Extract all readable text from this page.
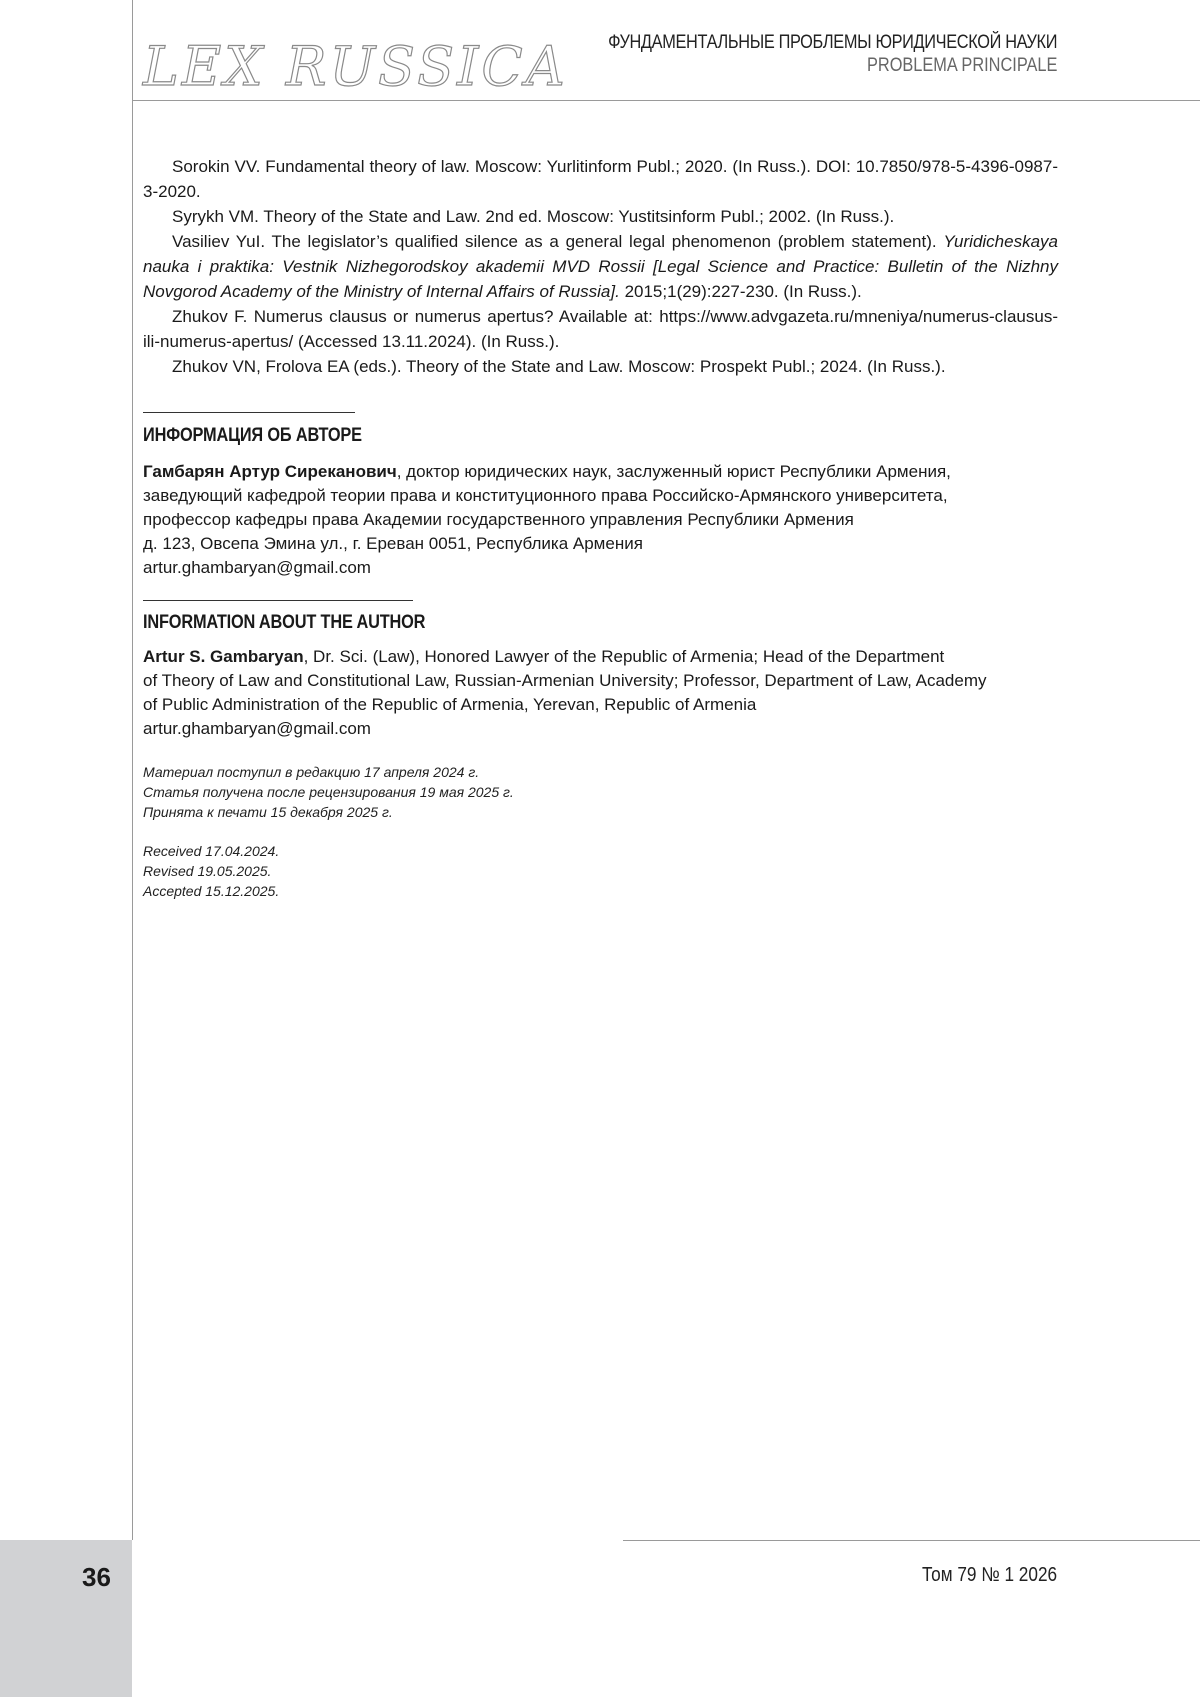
LEX RUSSICA ФУНДАМЕНТАЛЬНЫЕ ПРОБЛЕМЫ ЮРИДИЧЕСКОЙ НАУКИ
PROBLEMA PRINCIPALE

Sorokin VV. Fundamental theory of law. Moscow: Yurlitinform Publ.; 2020. (In Russ.). DOI: 10.7850/978-5-4396-0987-3-2020.

Syrykh VM. Theory of the State and Law. 2nd ed. Moscow: Yustitsinform Publ.; 2002. (In Russ.).

Vasiliev YuI. The legislator’s qualified silence as a general legal phenomenon (problem statement). Yuridicheskaya nauka i praktika: Vestnik Nizhegorodskoy akademii MVD Rossii [Legal Science and Practice: Bulletin of the Nizhny Novgorod Academy of the Ministry of Internal Affairs of Russia]. 2015;1(29):227-230. (In Russ.).

Zhukov F. Numerus clausus or numerus apertus? Available at: https://www.advgazeta.ru/mneniya/numerus-clausus-ili-numerus-apertus/ (Accessed 13.11.2024). (In Russ.).

Zhukov VN, Frolova EA (eds.). Theory of the State and Law. Moscow: Prospekt Publ.; 2024. (In Russ.).

ИНФОРМАЦИЯ ОБ АВТОРЕ

Гамбарян Артур Сирeканович, доктор юридических наук, заслуженный юрист Республики Армения,

заведующий кафедрой теории права и конституционного права Российско-Армянского университета,

профессор кафедры права Академии государственного управления Республики Армения

д. 123, Овсепа Эмина ул., г. Ереван 0051, Республика Армения

artur.ghambaryan@gmail.com

INFORMATION ABOUT THE AUTHOR

Artur S. Gambaryan, Dr. Sci. (Law), Honored Lawyer of the Republic of Armenia; Head of the Department

of Theory of Law and Constitutional Law, Russian-Armenian University; Professor, Department of Law, Academy

of Public Administration of the Republic of Armenia, Yerevan, Republic of Armenia

artur.ghambaryan@gmail.com

Материал поступил в редакцию 17 апреля 2024 г.

Статья получена после рецензирования 19 мая 2025 г.

Принята к печати 15 декабря 2025 г.

Received 17.04.2024.

Revised 19.05.2025.

Accepted 15.12.2025.

36	Том 79 № 1 2026
